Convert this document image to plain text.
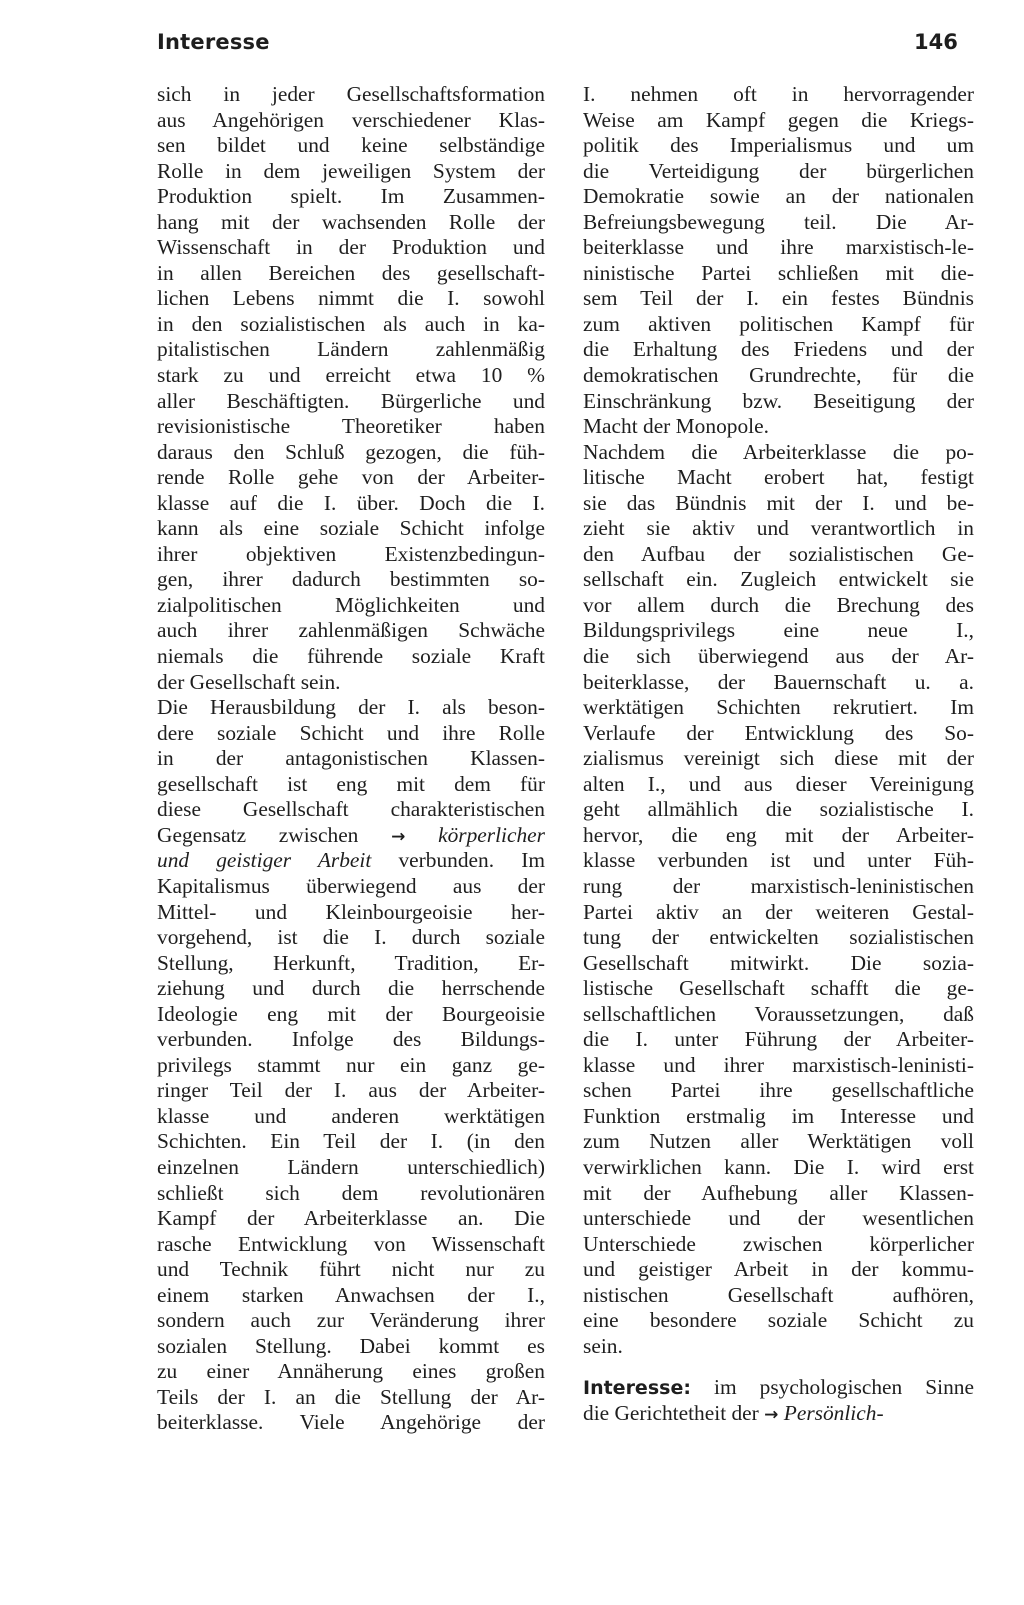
Interesse	146
sich in jeder Gesellschaftsformation
aus Angehörigen verschiedener Klas-
sen bildet und keine selbständige
Rolle in dem jeweiligen System der
Produktion spielt. Im Zusammen-
hang mit der wachsenden Rolle der
Wissenschaft in der Produktion und
in allen Bereichen des gesellschaft-
lichen Lebens nimmt die I. sowohl
in den sozialistischen als auch in ka-
pitalistischen Ländern zahlenmäßig
stark zu und erreicht etwa 10 %
aller Beschäftigten. Bürgerliche und
revisionistische Theoretiker haben
daraus den Schluß gezogen, die füh-
rende Rolle gehe von der Arbeiter-
klasse auf die I. über. Doch die I.
kann als eine soziale Schicht infolge
ihrer objektiven Existenzbedingun-
gen, ihrer dadurch bestimmten so-
zialpolitischen Möglichkeiten und
auch ihrer zahlenmäßigen Schwäche
niemals die führende soziale Kraft
der Gesellschaft sein.
Die Herausbildung der I. als beson-
dere soziale Schicht und ihre Rolle
in der antagonistischen Klassen-
gesellschaft ist eng mit dem für
diese Gesellschaft charakteristischen
Gegensatz zwischen → körperlicher
und geistiger Arbeit verbunden. Im
Kapitalismus überwiegend aus der
Mittel- und Kleinbourgeoisie her-
vorgehend, ist die I. durch soziale
Stellung, Herkunft, Tradition, Er-
ziehung und durch die herrschende
Ideologie eng mit der Bourgeoisie
verbunden. Infolge des Bildungs-
privilegs stammt nur ein ganz ge-
ringer Teil der I. aus der Arbeiter-
klasse und anderen werktätigen
Schichten. Ein Teil der I. (in den
einzelnen Ländern unterschiedlich)
schließt sich dem revolutionären
Kampf der Arbeiterklasse an. Die
rasche Entwicklung von Wissenschaft
und Technik führt nicht nur zu
einem starken Anwachsen der I.,
sondern auch zur Veränderung ihrer
sozialen Stellung. Dabei kommt es
zu einer Annäherung eines großen
Teils der I. an die Stellung der Ar-
beiterklasse. Viele Angehörige der
I. nehmen oft in hervorragender
Weise am Kampf gegen die Kriegs-
politik des Imperialismus und um
die Verteidigung der bürgerlichen
Demokratie sowie an der nationalen
Befreiungsbewegung teil. Die Ar-
beiterklasse und ihre marxistisch-le-
ninistische Partei schließen mit die-
sem Teil der I. ein festes Bündnis
zum aktiven politischen Kampf für
die Erhaltung des Friedens und der
demokratischen Grundrechte, für die
Einschränkung bzw. Beseitigung der
Macht der Monopole.
Nachdem die Arbeiterklasse die po-
litische Macht erobert hat, festigt
sie das Bündnis mit der I. und be-
zieht sie aktiv und verantwortlich in
den Aufbau der sozialistischen Ge-
sellschaft ein. Zugleich entwickelt sie
vor allem durch die Brechung des
Bildungsprivilegs eine neue I.,
die sich überwiegend aus der Ar-
beiterklasse, der Bauernschaft u. a.
werktätigen Schichten rekrutiert. Im
Verlaufe der Entwicklung des So-
zialismus vereinigt sich diese mit der
alten I., und aus dieser Vereinigung
geht allmählich die sozialistische I.
hervor, die eng mit der Arbeiter-
klasse verbunden ist und unter Füh-
rung der marxistisch-leninistischen
Partei aktiv an der weiteren Gestal-
tung der entwickelten sozialistischen
Gesellschaft mitwirkt. Die sozia-
listische Gesellschaft schafft die ge-
sellschaftlichen Voraussetzungen, daß
die I. unter Führung der Arbeiter-
klasse und ihrer marxistisch-leninisti-
schen Partei ihre gesellschaftliche
Funktion erstmalig im Interesse und
zum Nutzen aller Werktätigen voll
verwirklichen kann. Die I. wird erst
mit der Aufhebung aller Klassen-
unterschiede und der wesentlichen
Unterschiede zwischen körperlicher
und geistiger Arbeit in der kommu-
nistischen Gesellschaft aufhören,
eine besondere soziale Schicht zu
sein.
Interesse: im psychologischen Sinne
die Gerichtetheit der → Persönlich-
